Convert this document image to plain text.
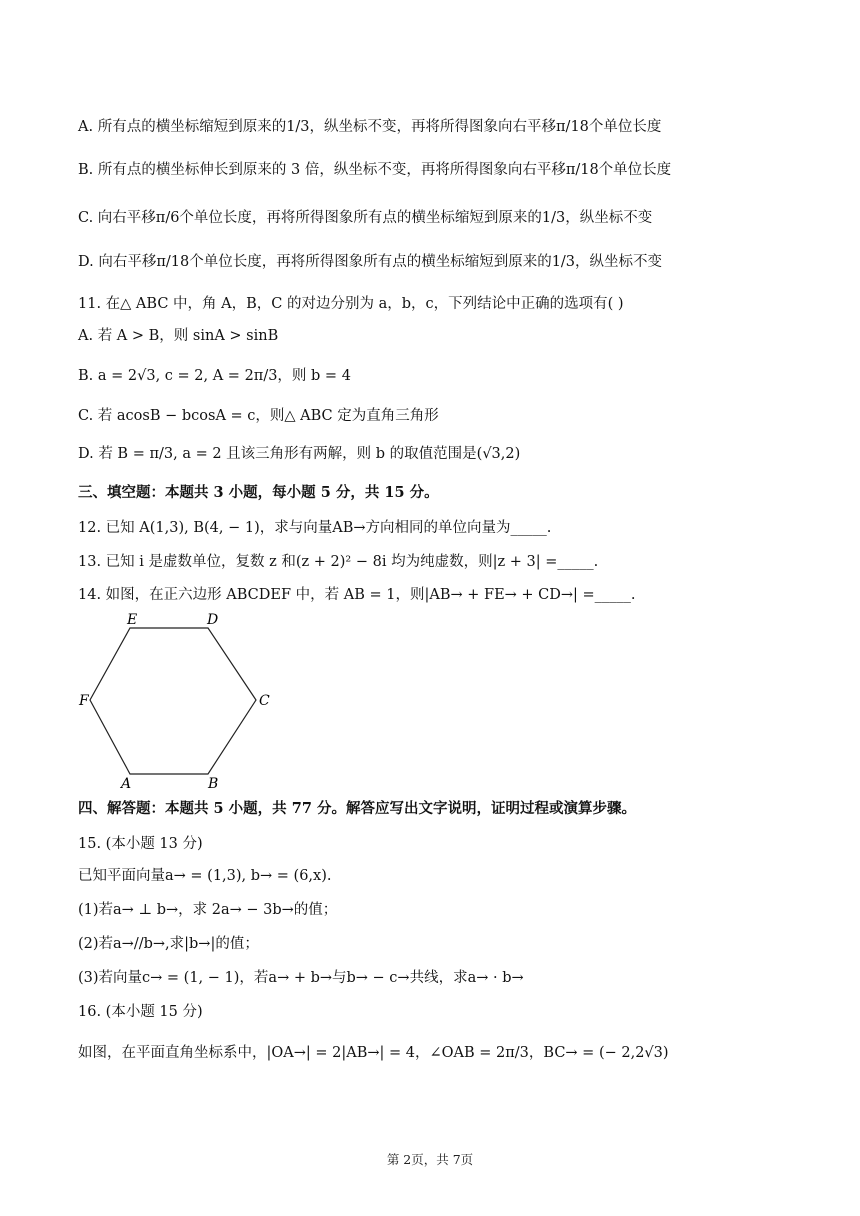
A. 所有点的横坐标缩短到原来的1/3，纵坐标不变，再将所得图象向右平移π/18个单位长度
B. 所有点的横坐标伸长到原来的 3 倍，纵坐标不变，再将所得图象向右平移π/18个单位长度
C. 向右平移π/6个单位长度，再将所得图象所有点的横坐标缩短到原来的1/3，纵坐标不变
D. 向右平移π/18个单位长度，再将所得图象所有点的横坐标缩短到原来的1/3，纵坐标不变
11. 在△ ABC 中，角 A，B，C 的对边分别为 a，b，c，下列结论中正确的选项有( )
A. 若 A > B，则 sinA > sinB
B. a = 2√3, c = 2, A = 2π/3，则 b = 4
C. 若 acosB − bcosA = c，则△ ABC 定为直角三角形
D. 若 B = π/3, a = 2 且该三角形有两解，则 b 的取值范围是(√3,2)
三、填空题：本题共 3 小题，每小题 5 分，共 15 分。
12. 已知 A(1,3), B(4, − 1)，求与向量AB→方向相同的单位向量为_____.
13. 已知 i 是虚数单位，复数 z 和(z + 2)² − 8i 均为纯虚数，则|z + 3| =_____.
14. 如图，在正六边形 ABCDEF 中，若 AB = 1，则|AB→ + FE→ + CD→| =_____.
E	D
F	C
A	B
四、解答题：本题共 5 小题，共 77 分。解答应写出文字说明，证明过程或演算步骤。
15. (本小题 13 分)
已知平面向量a→ = (1,3), b→ = (6,x).
(1)若a→ ⊥ b→，求 2a→ − 3b→的值；
(2)若a→//b→,求|b→|的值；
(3)若向量c→ = (1, − 1)，若a→ + b→与b→ − c→共线，求a→ · b→
16. (本小题 15 分)
如图，在平面直角坐标系中，|OA→| = 2|AB→| = 4，∠OAB = 2π/3，BC→ = (− 2,2√3)
第 2页，共 7页
